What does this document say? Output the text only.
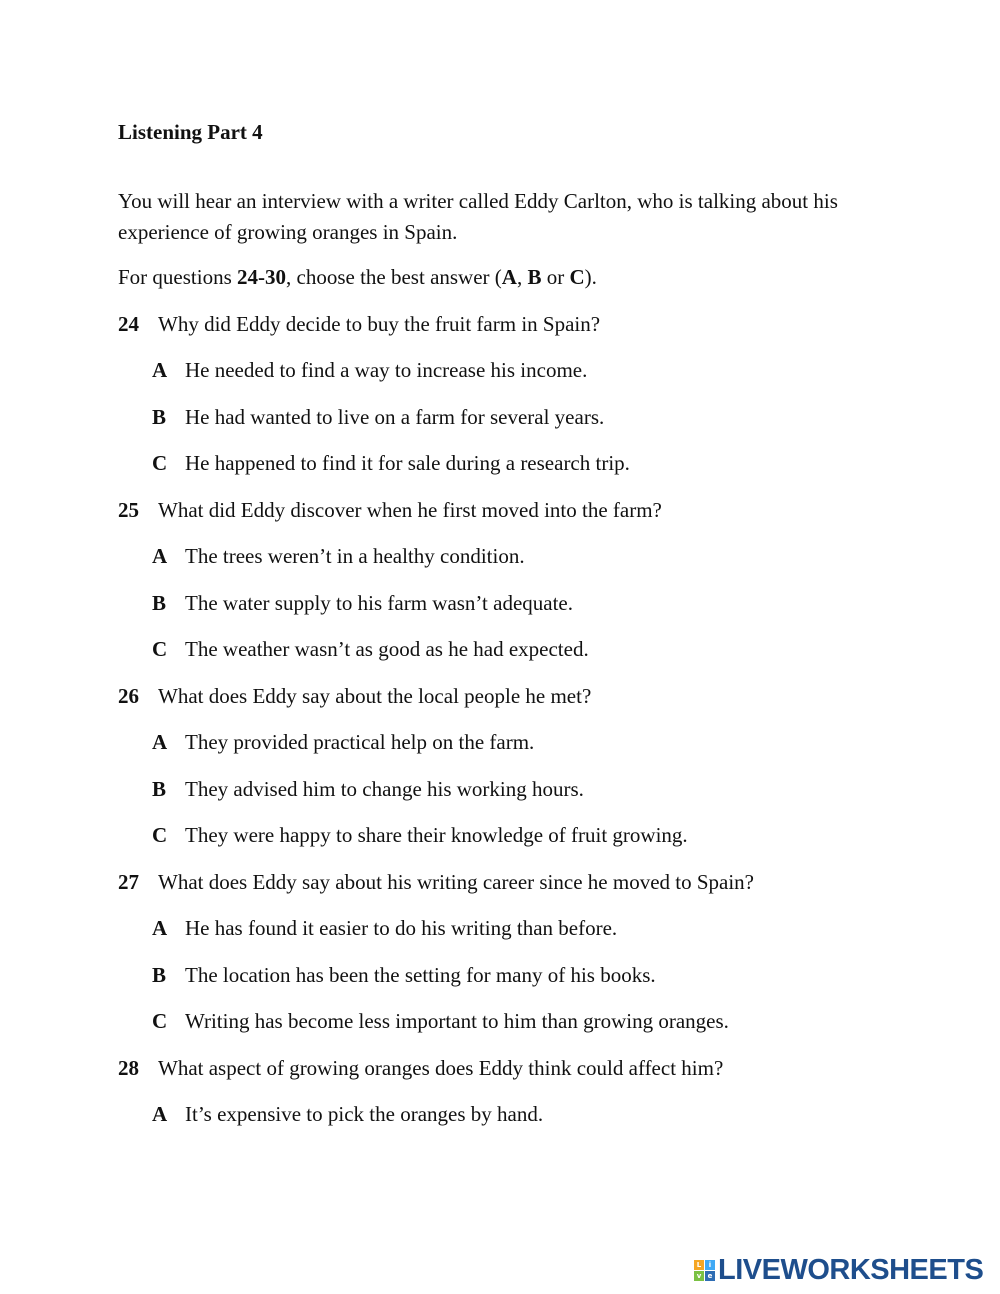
Listening Part 4

You will hear an interview with a writer called Eddy Carlton, who is talking about his experience of growing oranges in Spain.

For questions 24-30, choose the best answer (A, B or C).

24 Why did Eddy decide to buy the fruit farm in Spain?
A He needed to find a way to increase his income.
B He had wanted to live on a farm for several years.
C He happened to find it for sale during a research trip.
25 What did Eddy discover when he first moved into the farm?
A The trees weren’t in a healthy condition.
B The water supply to his farm wasn’t adequate.
C The weather wasn’t as good as he had expected.
26 What does Eddy say about the local people he met?
A They provided practical help on the farm.
B They advised him to change his working hours.
C They were happy to share their knowledge of fruit growing.
27 What does Eddy say about his writing career since he moved to Spain?
A He has found it easier to do his writing than before.
B The location has been the setting for many of his books.
C Writing has become less important to him than growing oranges.
28 What aspect of growing oranges does Eddy think could affect him?
A It’s expensive to pick the oranges by hand.
L	i
v e LIVEWORKSHEETS
